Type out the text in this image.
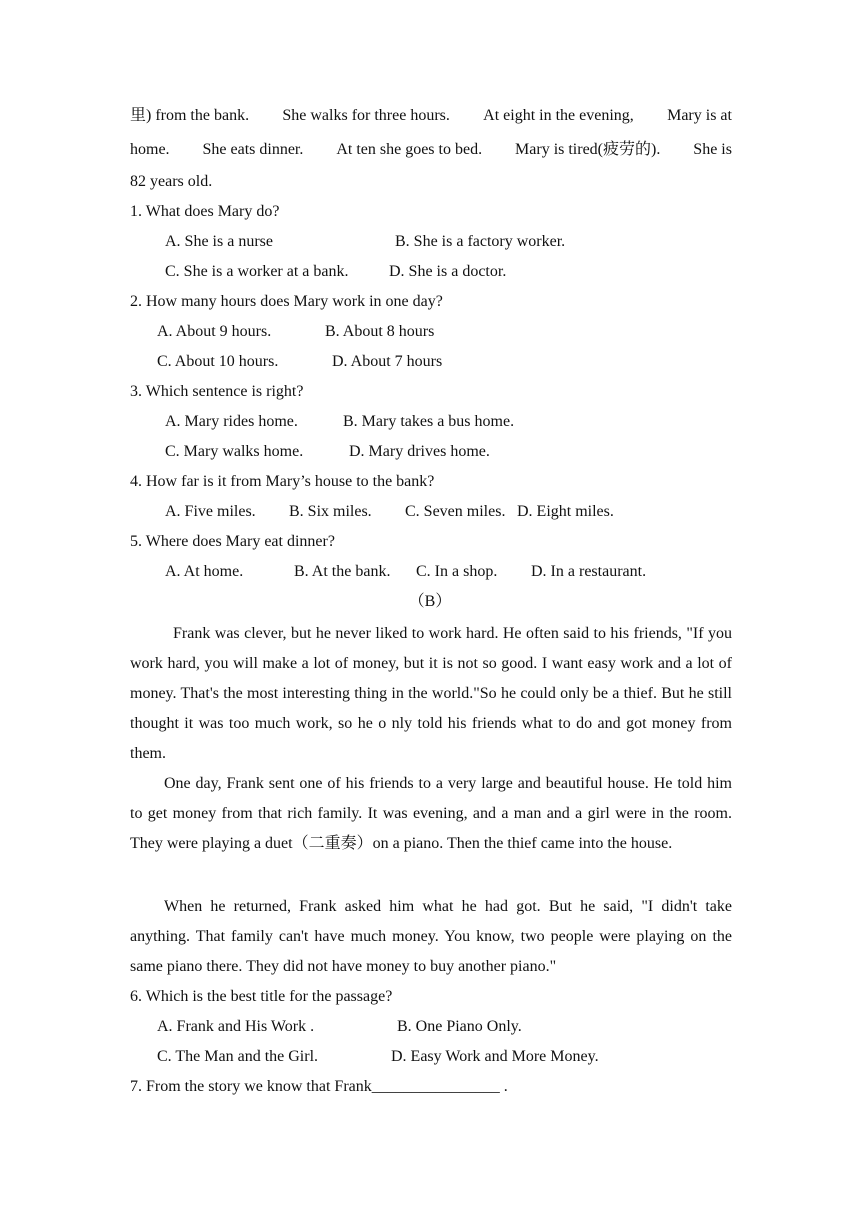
里) from the bank. She walks for three hours. At eight in the evening, Mary is at
home. She eats dinner. At ten she goes to bed. Mary is tired(疲劳的). She is
82 years old.
1. What does Mary do?
A. She is a nurse	B. She is a factory worker.
C. She is a worker at a bank.	D. She is a doctor.
2. How many hours does Mary work in one day?
A. About 9 hours.	B. About 8 hours
C. About 10 hours.	D. About 7 hours
3. Which sentence is right?
A. Mary rides home.	B. Mary takes a bus home.
C. Mary walks home.	D. Mary drives home.
4. How far is it from Mary’s house to the bank?
A. Five miles. B. Six miles. C. Seven miles. D. Eight miles.
5. Where does Mary eat dinner?
A. At home.	B. At the bank. C. In a shop. D. In a restaurant.
（B）
Frank was clever, but he never liked to work hard. He often said to his friends, "If you work hard, you will make a lot of money, but it is not so good. I want easy work and a lot of money. That's the most interesting thing in the world."So he could only be a thief. But he still thought it was too much work, so he o nly told his friends what to do and got money from them.
One day, Frank sent one of his friends to a very large and beautiful house. He told him to get money from that rich family. It was evening, and a man and a girl were in the room. They were playing a duet（二重奏）on a piano. Then the thief came into the house.
When he returned, Frank asked him what he had got. But he said, "I didn't take anything. That family can't have much money. You know, two people were playing on the same piano there. They did not have money to buy another piano."
6. Which is the best title for the passage?
A. Frank and His Work .	B. One Piano Only.
C. The Man and the Girl.	D. Easy Work and More Money.
7. From the story we know that Frank________________ .
